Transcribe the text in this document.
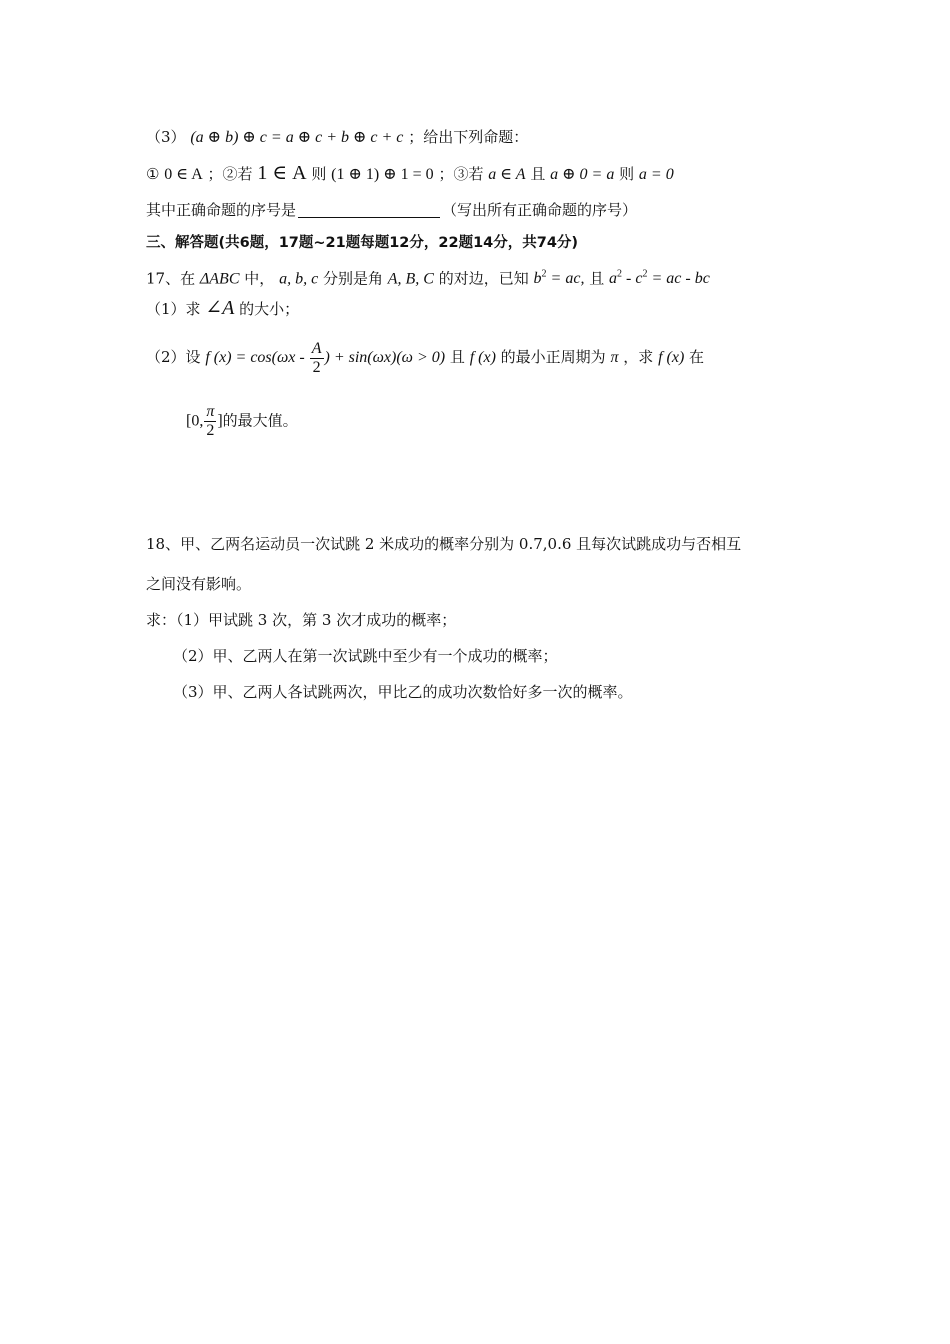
（3） (a ⊕ b) ⊕ c = a ⊕ c + b ⊕ c + c ；给出下列命题：
① 0 ∈ A ；②若 1 ∈ A 则 (1 ⊕ 1) ⊕ 1 = 0 ；③若 a ∈ A 且 a ⊕ 0 = a 则 a = 0
其中正确命题的序号是	（写出所有正确命题的序号）
三、解答题(共6题，17题~21题每题12分，22题14分，共74分)
17、在 ΔABC 中， a, b, c 分别是角 A, B, C 的对边，已知 $b^2$ = ac, 且 $a^2 - c^2$ = ac - bc
（1）求 ∠A 的大小；
（2）设 f $(x) = \cos(\omega x - \frac{A}{2}$ ) + sin(ωx)(ω > 0) 且 f (x) 的最小正周期为 π ，求 f (x) 在
[0, $\frac{\pi}{2}$ ]的最大值。
18、甲、乙两名运动员一次试跳 2 米成功的概率分别为 0.7,0.6 且每次试跳成功与否相互
之间没有影响。
求：（1）甲试跳 3 次，第 3 次才成功的概率；
（2）甲、乙两人在第一次试跳中至少有一个成功的概率；
（3）甲、乙两人各试跳两次，甲比乙的成功次数恰好多一次的概率。
